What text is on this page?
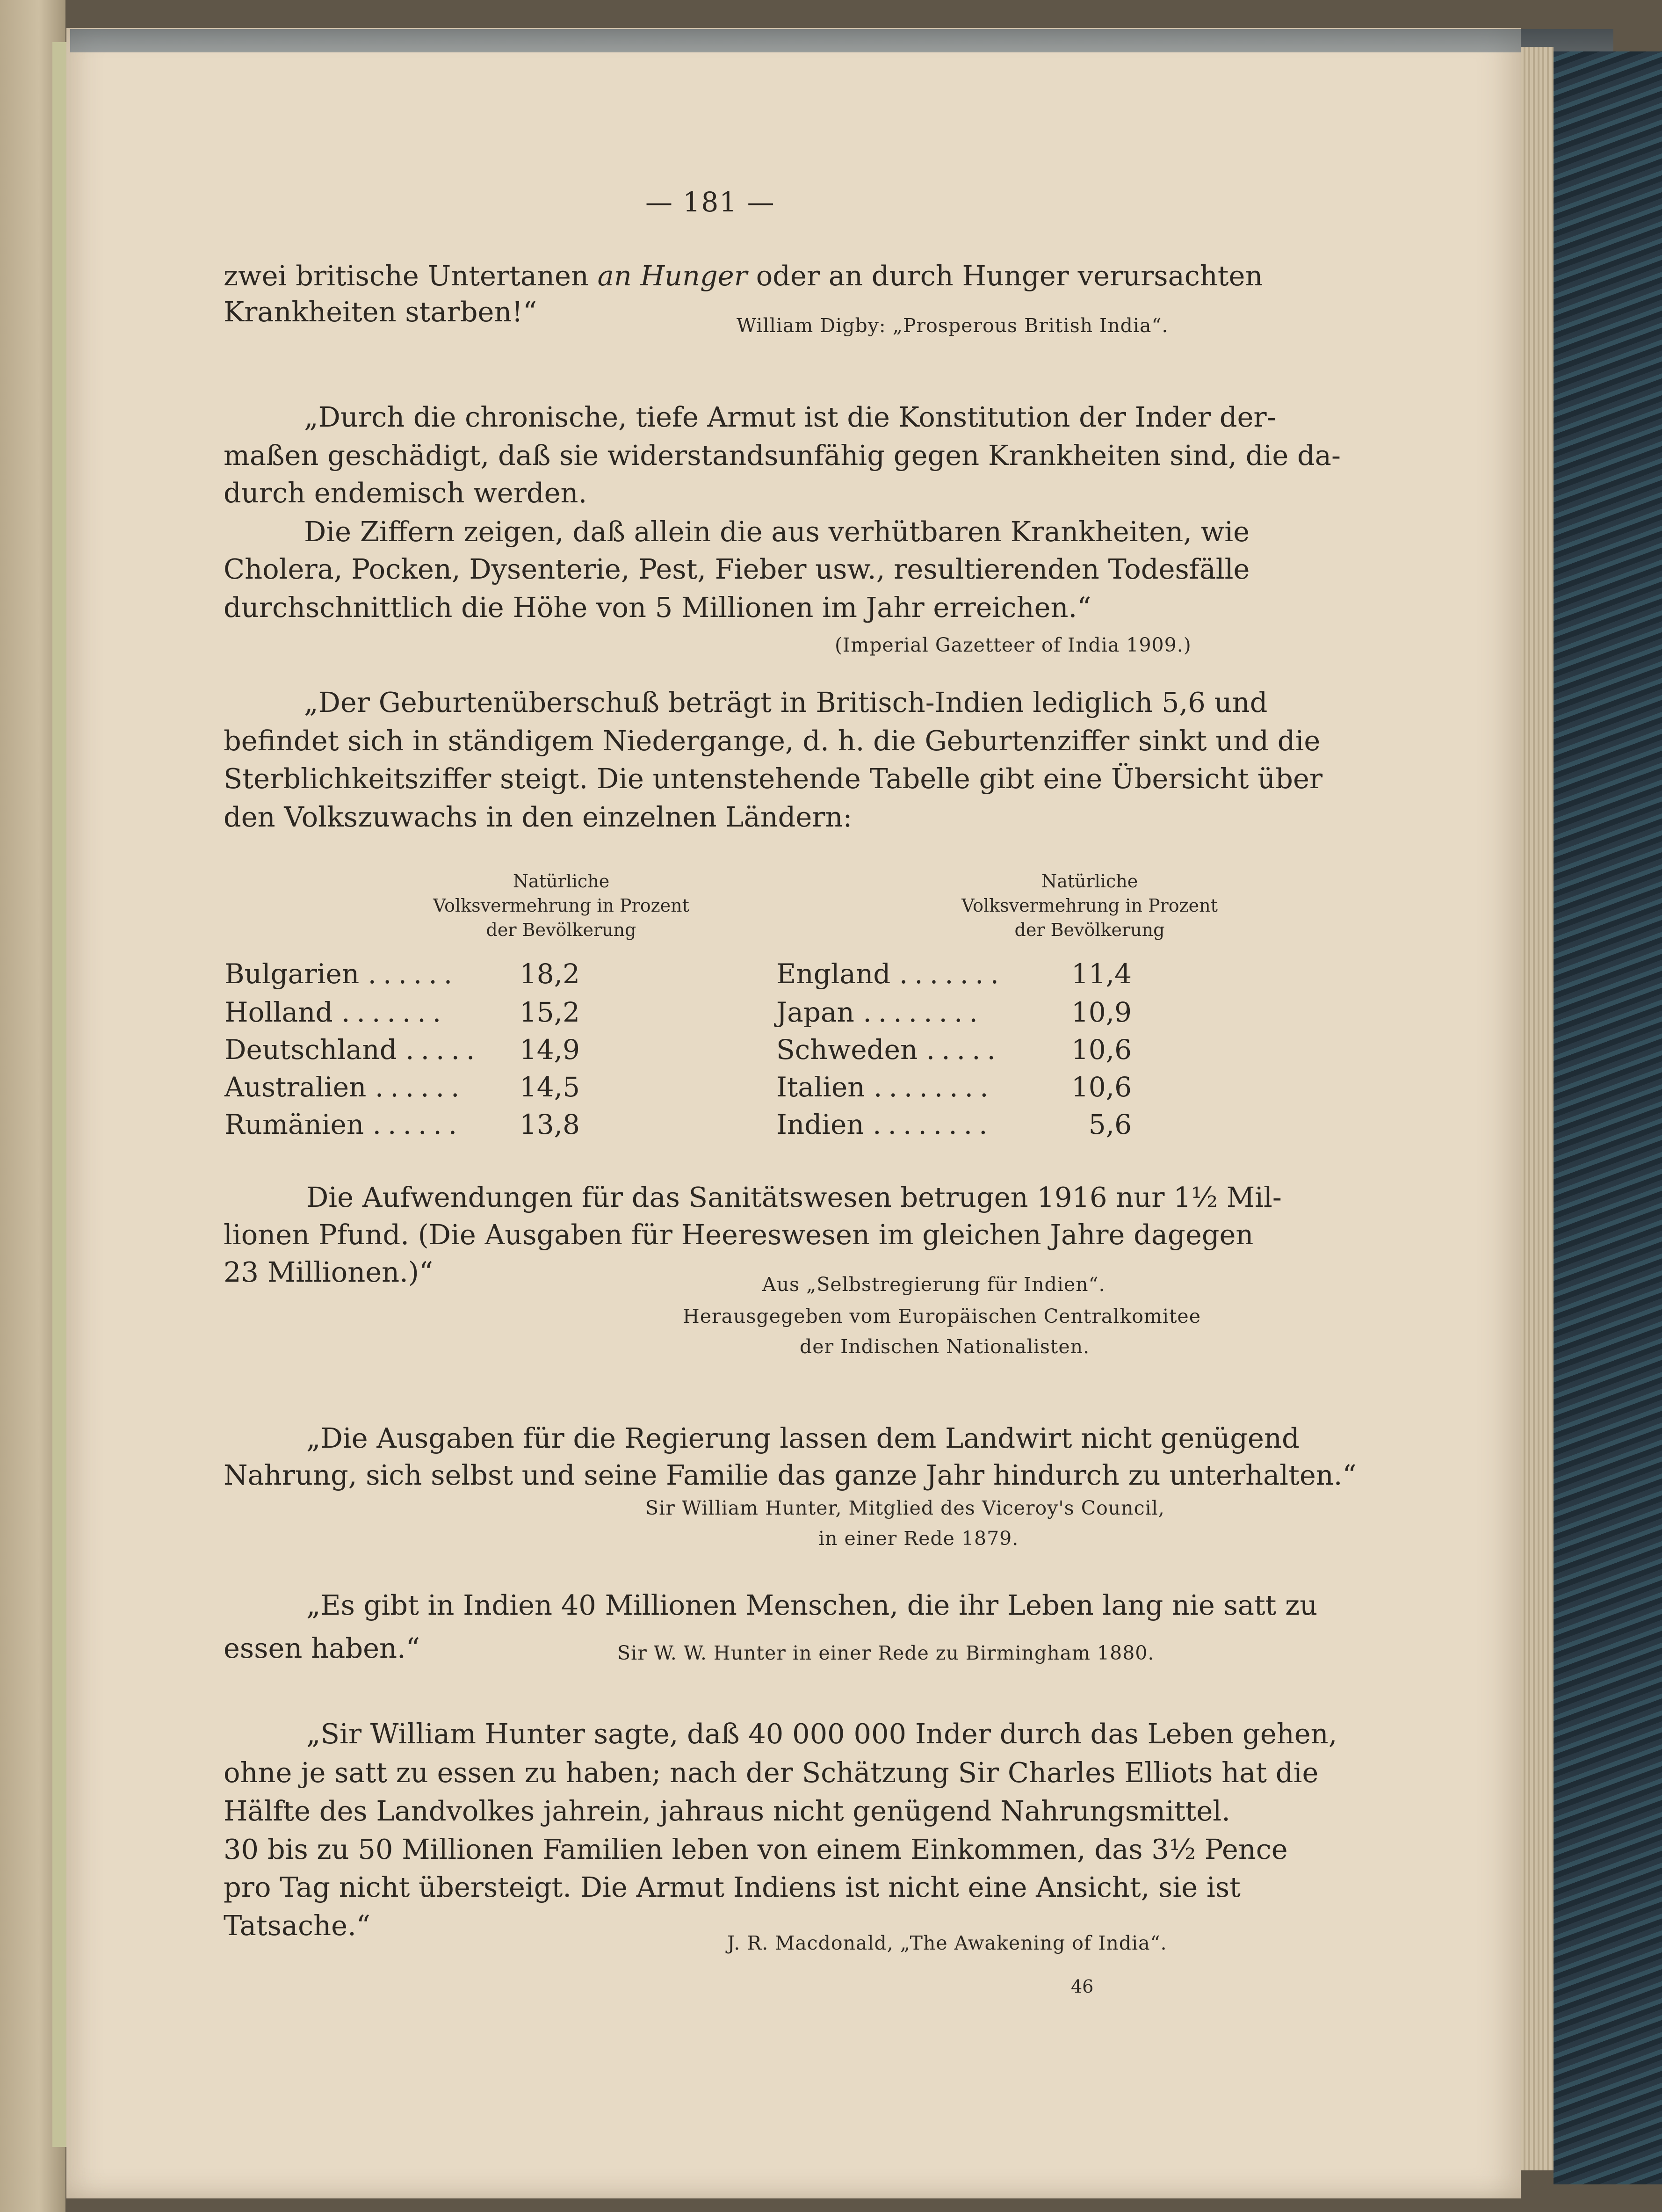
— 181 —
zwei britische Untertanen an Hunger oder an durch Hunger verursachten
Krankheiten starben!“	William Digby: „Prosperous British India“.
„Durch die chronische, tiefe Armut ist die Konstitution der Inder der-
maßen geschädigt, daß sie widerstandsunfähig gegen Krankheiten sind, die da-
durch endemisch werden.
Die Ziffern zeigen, daß allein die aus verhütbaren Krankheiten, wie
Cholera, Pocken, Dysenterie, Pest, Fieber usw., resultierenden Todesfälle
durchschnittlich die Höhe von 5 Millionen im Jahr erreichen.“
(Imperial Gazetteer of India 1909.)
„Der Geburtenüberschuß beträgt in Britisch-Indien lediglich 5,6 und
befindet sich in ständigem Niedergange, d. h. die Geburtenziffer sinkt und die
Sterblichkeitsziffer steigt. Die untenstehende Tabelle gibt eine Übersicht über
den Volkszuwachs in den einzelnen Ländern:
Natürliche
Volksvermehrung in Prozent
der Bevölkerung
Natürliche
Volksvermehrung in Prozent
der Bevölkerung
Bulgarien ......	18,2
Holland .......	15,2
Deutschland .....	14,9
Australien ......	14,5
Rumänien ......	13,8
England .......	11,4
Japan ........	10,9
Schweden .....	10,6
Italien ........	10,6
Indien ........	5,6
Die Aufwendungen für das Sanitätswesen betrugen 1916 nur 1½ Mil-
lionen Pfund. (Die Ausgaben für Heereswesen im gleichen Jahre dagegen
23 Millionen.)“	Aus „Selbstregierung für Indien“.
Herausgegeben vom Europäischen Centralkomitee
der Indischen Nationalisten.
„Die Ausgaben für die Regierung lassen dem Landwirt nicht genügend
Nahrung, sich selbst und seine Familie das ganze Jahr hindurch zu unterhalten.“
Sir William Hunter, Mitglied des Viceroy's Council,
in einer Rede 1879.
„Es gibt in Indien 40 Millionen Menschen, die ihr Leben lang nie satt zu
essen haben.“	Sir W. W. Hunter in einer Rede zu Birmingham 1880.
„Sir William Hunter sagte, daß 40 000 000 Inder durch das Leben gehen,
ohne je satt zu essen zu haben; nach der Schätzung Sir Charles Elliots hat die
Hälfte des Landvolkes jahrein, jahraus nicht genügend Nahrungsmittel.
30 bis zu 50 Millionen Familien leben von einem Einkommen, das 3½ Pence
pro Tag nicht übersteigt. Die Armut Indiens ist nicht eine Ansicht, sie ist
Tatsache.“
J. R. Macdonald, „The Awakening of India“.
46
